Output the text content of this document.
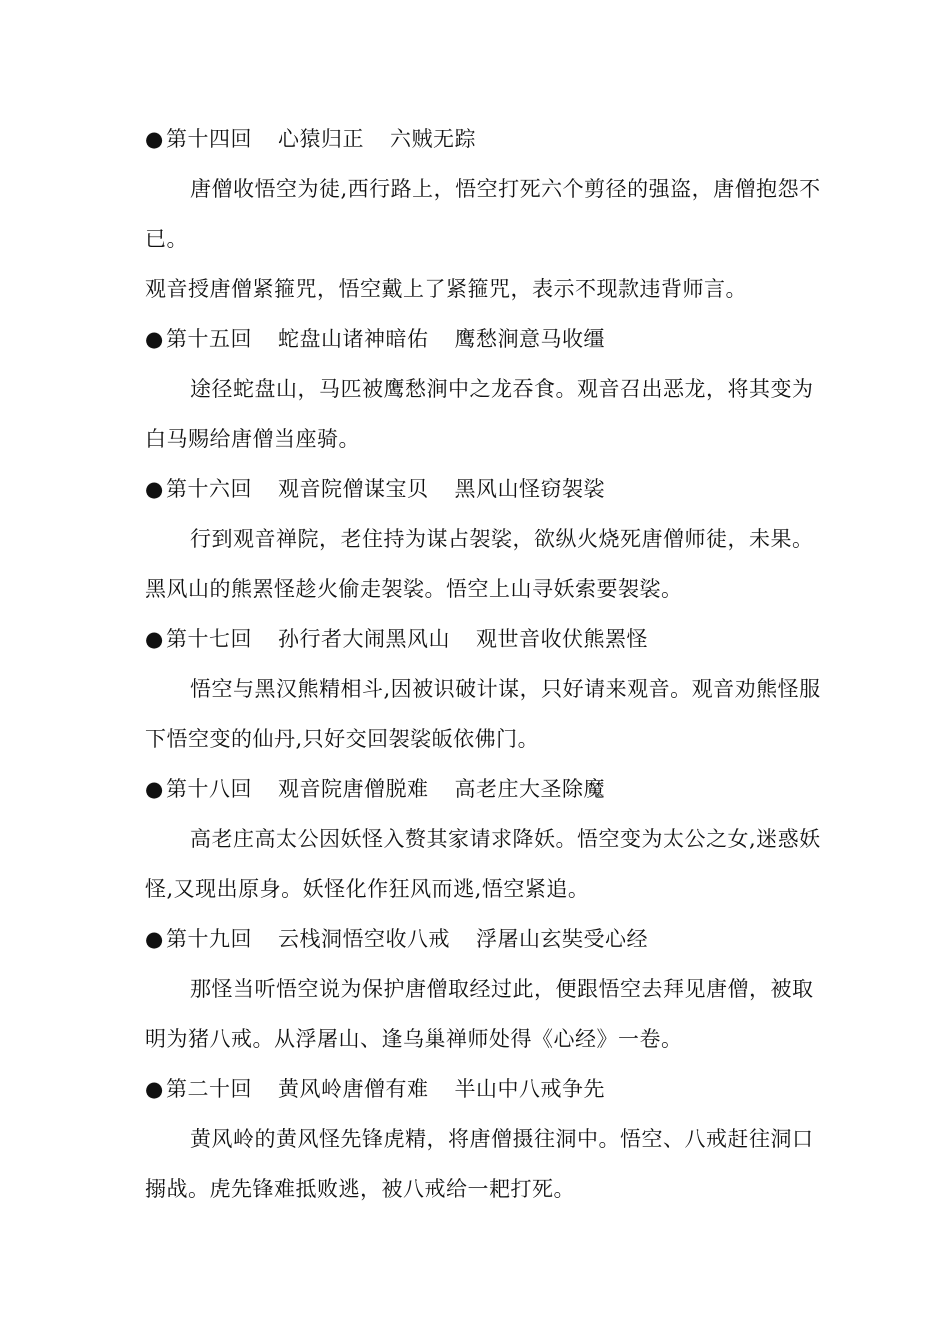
● 第十四回 心猿归正 六贼无踪
唐僧收悟空为徒,西行路上，悟空打死六个剪径的强盗，唐僧抱怨不
已。
观音授唐僧紧箍咒，悟空戴上了紧箍咒，表示不现款违背师言。
● 第十五回 蛇盘山诸神暗佑 鹰愁涧意马收缰
途径蛇盘山，马匹被鹰愁涧中之龙吞食。观音召出恶龙，将其变为
白马赐给唐僧当座骑。
● 第十六回 观音院僧谋宝贝 黑风山怪窃袈裟
行到观音禅院，老住持为谋占袈裟，欲纵火烧死唐僧师徒，未果。
黑风山的熊罴怪趁火偷走袈裟。悟空上山寻妖索要袈裟。
● 第十七回 孙行者大闹黑风山 观世音收伏熊罴怪
悟空与黑汉熊精相斗,因被识破计谋，只好请来观音。观音劝熊怪服
下悟空变的仙丹,只好交回袈裟皈依佛门。
● 第十八回 观音院唐僧脱难 高老庄大圣除魔
高老庄高太公因妖怪入赘其家请求降妖。悟空变为太公之女,迷惑妖
怪,又现出原身。妖怪化作狂风而逃,悟空紧追。
● 第十九回 云栈洞悟空收八戒 浮屠山玄奘受心经
那怪当听悟空说为保护唐僧取经过此，便跟悟空去拜见唐僧，被取
明为猪八戒。从浮屠山、逢乌巢禅师处得《心经》一卷。
● 第二十回 黄风岭唐僧有难 半山中八戒争先
黄风岭的黄风怪先锋虎精，将唐僧摄往洞中。悟空、八戒赶往洞口
搦战。虎先锋难抵败逃，被八戒给一耙打死。
